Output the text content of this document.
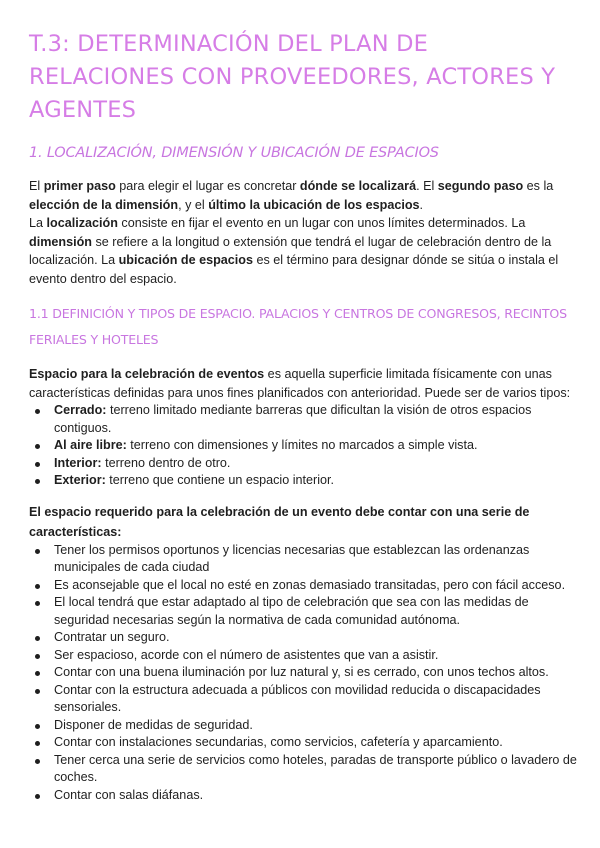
T.3: DETERMINACIÓN DEL PLAN DE RELACIONES CON PROVEEDORES, ACTORES Y AGENTES
1. LOCALIZACIÓN, DIMENSIÓN Y UBICACIÓN DE ESPACIOS

El primer paso para elegir el lugar es concretar dónde se localizará. El segundo paso es la elección de la dimensión, y el último la ubicación de los espacios.

La localización consiste en fijar el evento en un lugar con unos límites determinados. La dimensión se refiere a la longitud o extensión que tendrá el lugar de celebración dentro de la localización. La ubicación de espacios es el término para designar dónde se sitúa o instala el evento dentro del espacio.

1.1 DEFINICIÓN Y TIPOS DE ESPACIO. PALACIOS Y CENTROS DE CONGRESOS, RECINTOS FERIALES Y HOTELES

Espacio para la celebración de eventos es aquella superficie limitada físicamente con unas características definidas para unos fines planificados con anterioridad. Puede ser de varios tipos:

Cerrado: terreno limitado mediante barreras que dificultan la visión de otros espacios contiguos.
Al aire libre: terreno con dimensiones y límites no marcados a simple vista.
Interior: terreno dentro de otro.
Exterior: terreno que contiene un espacio interior.

El espacio requerido para la celebración de un evento debe contar con una serie de características:

Tener los permisos oportunos y licencias necesarias que establezcan las ordenanzas municipales de cada ciudad
Es aconsejable que el local no esté en zonas demasiado transitadas, pero con fácil acceso.
El local tendrá que estar adaptado al tipo de celebración que sea con las medidas de seguridad necesarias según la normativa de cada comunidad autónoma.
Contratar un seguro.
Ser espacioso, acorde con el número de asistentes que van a asistir.
Contar con una buena iluminación por luz natural y, si es cerrado, con unos techos altos.
Contar con la estructura adecuada a públicos con movilidad reducida o discapacidades sensoriales.
Disponer de medidas de seguridad.
Contar con instalaciones secundarias, como servicios, cafetería y aparcamiento.
Tener cerca una serie de servicios como hoteles, paradas de transporte público o lavadero de coches.
Contar con salas diáfanas.
